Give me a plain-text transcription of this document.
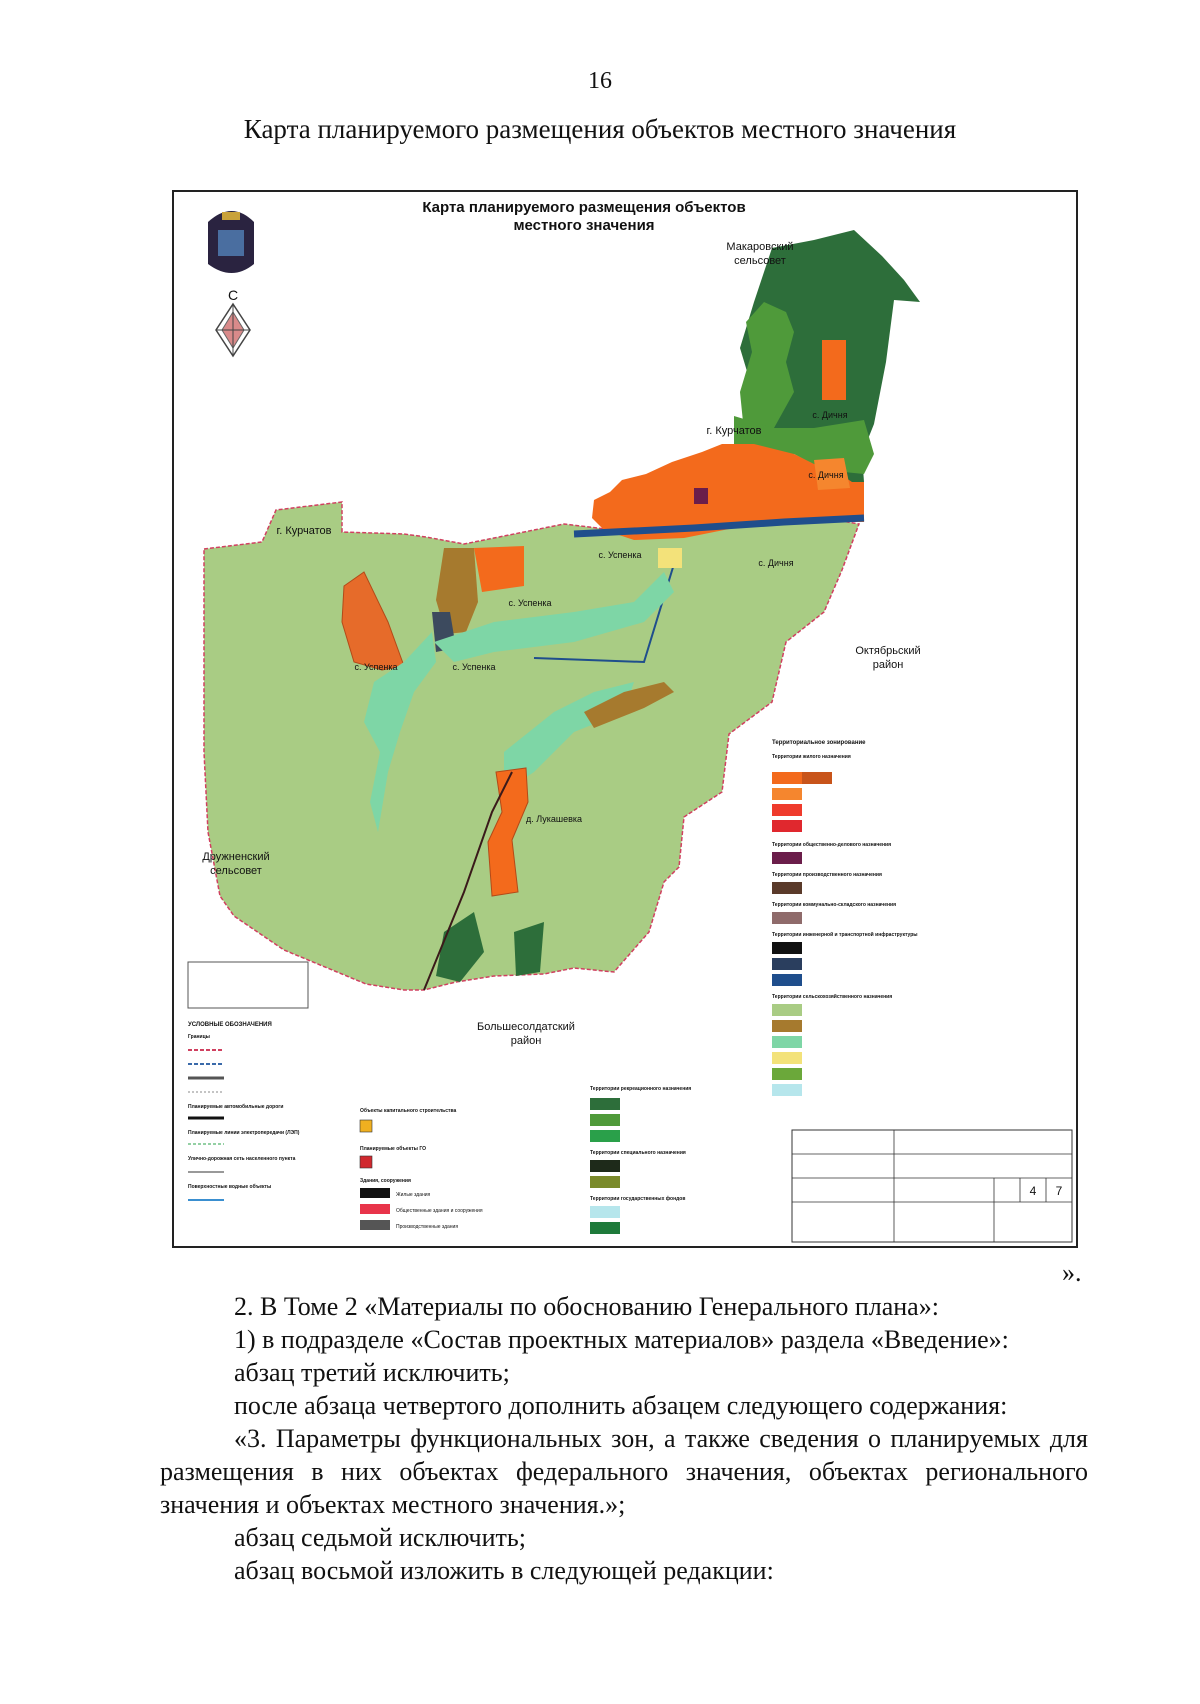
16
Карта планируемого размещения объектов местного значения
Карта планируемого размещения объектов
местного значения
С
Макаровский
сельсовет
г. Курчатов
г. Курчатов
с. Дичня
с. Дичня
с. Дичня
с. Успенка
с. Успенка
с. Успенка	с. Успенка
Октябрьский
район
Дружненский
сельсовет
Большесолдатский
район
д. Лукашевка
Территориальное зонирование
Территории жилого назначения
Территории общественно-делового назначения
Территории производственного назначения
Территории коммунально-складского назначения
Территории инженерной и транспортной инфраструктуры
Территории сельскохозяйственного назначения
УСЛОВНЫЕ ОБОЗНАЧЕНИЯ
Границы
Планируемые автомобильные дороги
Планируемые линии электропередачи (ЛЭП)
Улично-дорожная сеть населенного пункта
Поверхностные водные объекты
Объекты капитального строительства
Планируемые объекты ГО
Здания, сооружения
Жилые здания
Общественные здания и сооружения
Производственные здания
Территории рекреационного назначения
Территории специального назначения
Территории государственных фондов
4 7
».

2. В Томе 2 «Материалы по обоснованию Генерального плана»:

1) в подразделе «Состав проектных материалов» раздела «Введение»:

абзац третий исключить;

после абзаца четвертого дополнить абзацем следующего содержания:

«3. Параметры функциональных зон, а также сведения о планируемых для размещения в них объектах федерального значения, объектах регионального значения и объектах местного значения.»;

абзац седьмой исключить;

абзац восьмой изложить в следующей редакции:
